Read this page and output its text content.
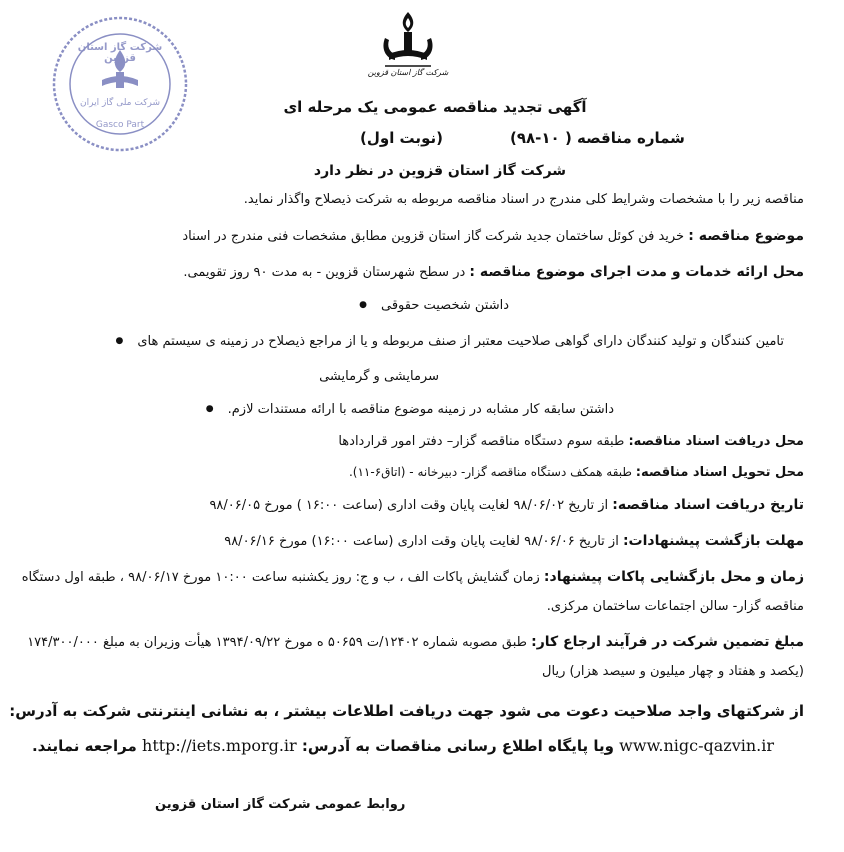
شرکت گاز استان قزوین
شرکت گاز استان قزوین
شرکت ملی گاز ایران
Gasco Part
آگهی تجدید مناقصه عمومی یک مرحله ای
شماره مناقصه ( ۱۰-۹۸)
(نوبت اول)
شرکت گاز استان قزوین در نظر دارد
مناقصه زیر را با مشخصات وشرایط کلی مندرج در اسناد مناقصه مربوطه به شرکت ذیصلاح واگذار نماید.
موضوع مناقصه : خرید فن کوئل ساختمان جدید شرکت گاز استان قزوین مطابق مشخصات فنی مندرج در اسناد
محل ارائه خدمات و مدت اجرای موضوع مناقصه : در سطح شهرستان قزوین - به مدت ۹۰ روز تقویمی.
داشتن شخصیت حقوقی ●
تامین کنندگان و تولید کنندگان دارای گواهی صلاحیت معتبر از صنف مربوطه و یا از مراجع ذیصلاح در زمینه ی سیستم های ●
سرمایشی و گرمایشی
داشتن سابقه کار مشابه در زمینه موضوع مناقصه با ارائه مستندات لازم. ●
محل دریافت اسناد مناقصه: طبقه سوم دستگاه مناقصه گزار– دفتر امور قراردادها
محل تحویل اسناد مناقصه: طبقه همکف دستگاه مناقصه گزار- دبیرخانه - (اتاق۶-۱۱).
تاریخ دریافت اسناد مناقصه: از تاریخ ۹۸/۰۶/۰۲ لغایت پایان وقت اداری (ساعت ۱۶:۰۰ ) مورخ ۹۸/۰۶/۰۵
مهلت بازگشت پیشنهادات: از تاریخ ۹۸/۰۶/۰۶ لغایت پایان وقت اداری (ساعت ۱۶:۰۰) مورخ ۹۸/۰۶/۱۶
زمان و محل بازگشایی پاکات پیشنهاد: زمان گشایش پاکات الف ، ب و ج: روز یکشنبه ساعت ۱۰:۰۰ مورخ ۹۸/۰۶/۱۷ ، طبقه اول دستگاه
مناقصه گزار- سالن اجتماعات ساختمان مرکزی.
مبلغ تضمین شرکت در فرآیند ارجاع کار: طبق مصوبه شماره ۱۲۴۰۲/ت ۵۰۶۵۹ ه مورخ ۱۳۹۴/۰۹/۲۲ هیأت وزیران به مبلغ ۱۷۴/۳۰۰/۰۰۰
(یکصد و هفتاد و چهار میلیون و سیصد هزار) ریال
از شرکتهای واجد صلاحیت دعوت می شود جهت دریافت اطلاعات بیشتر ، به نشانی اینترنتی شرکت به آدرس:
www.nigc-qazvin.ir ویا پایگاه اطلاع رسانی مناقصات به آدرس: http://iets.mporg.ir مراجعه نمایند.
روابط عمومی شرکت گاز استان قزوین
